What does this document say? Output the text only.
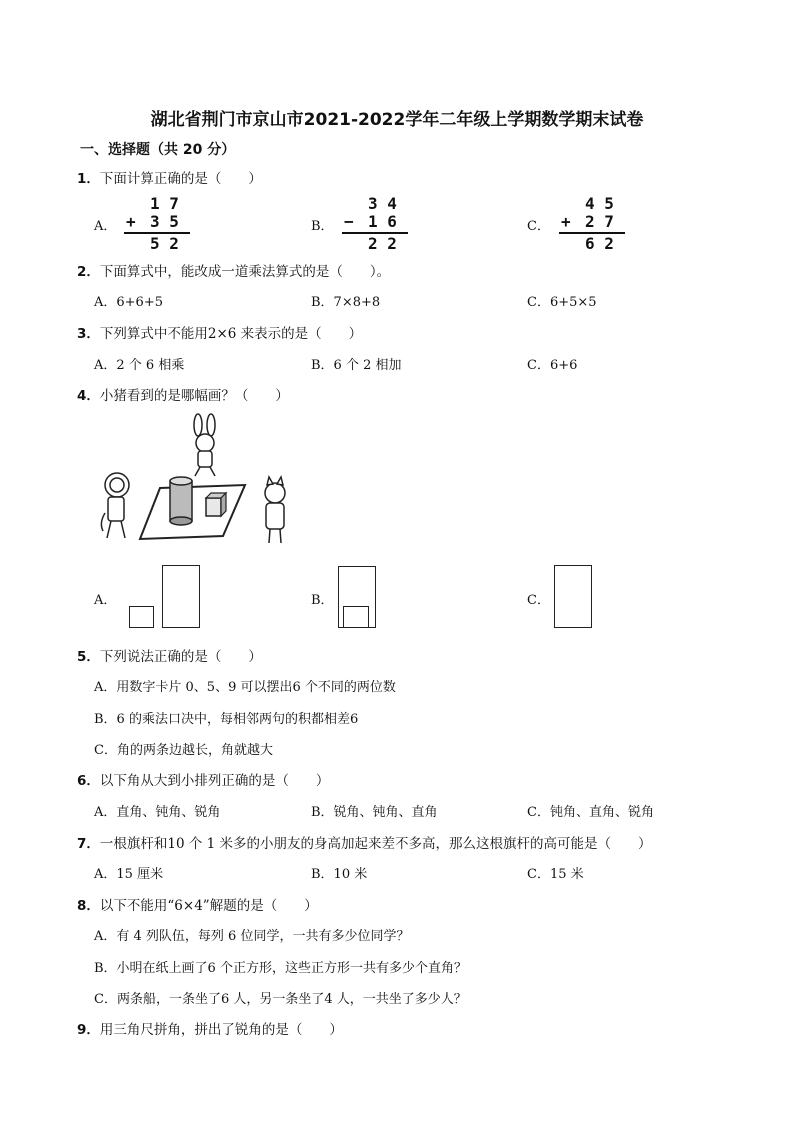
湖北省荆门市京山市2021-2022学年二年级上学期数学期末试卷
一、选择题（共 20 分）
1．下面计算正确的是（　　）
A．
1 7
+ 3 5
5 2
B．
3 4
− 1 6
2 2
C．
4 5
+ 2 7
6 2
2．下面算式中，能改成一道乘法算式的是（　　）。
A．6+6+5	B．7×8+8	C．6+5×5
3．下列算式中不能用2×6 来表示的是（　　）
A．2 个 6 相乘	B．6 个 2 相加	C．6+6
4．小猪看到的是哪幅画？（　　）
A．	B．	C．
5．下列说法正确的是（　　）
A．用数字卡片 0、5、9 可以摆出6 个不同的两位数
B．6 的乘法口决中，每相邻两句的积都相差6
C．角的两条边越长，角就越大
6．以下角从大到小排列正确的是（　　）
A．直角、钝角、锐角	B．锐角、钝角、直角	C．钝角、直角、锐角
7．一根旗杆和10 个 1 米多的小朋友的身高加起来差不多高，那么这根旗杆的高可能是（　　）
A．15 厘米	B．10 米	C．15 米
8．以下不能用“6×4”解题的是（　　）
A．有 4 列队伍，每列 6 位同学，一共有多少位同学？
B．小明在纸上画了6 个正方形，这些正方形一共有多少个直角？
C．两条船，一条坐了6 人，另一条坐了4 人，一共坐了多少人？
9．用三角尺拼角，拼出了锐角的是（　　）
